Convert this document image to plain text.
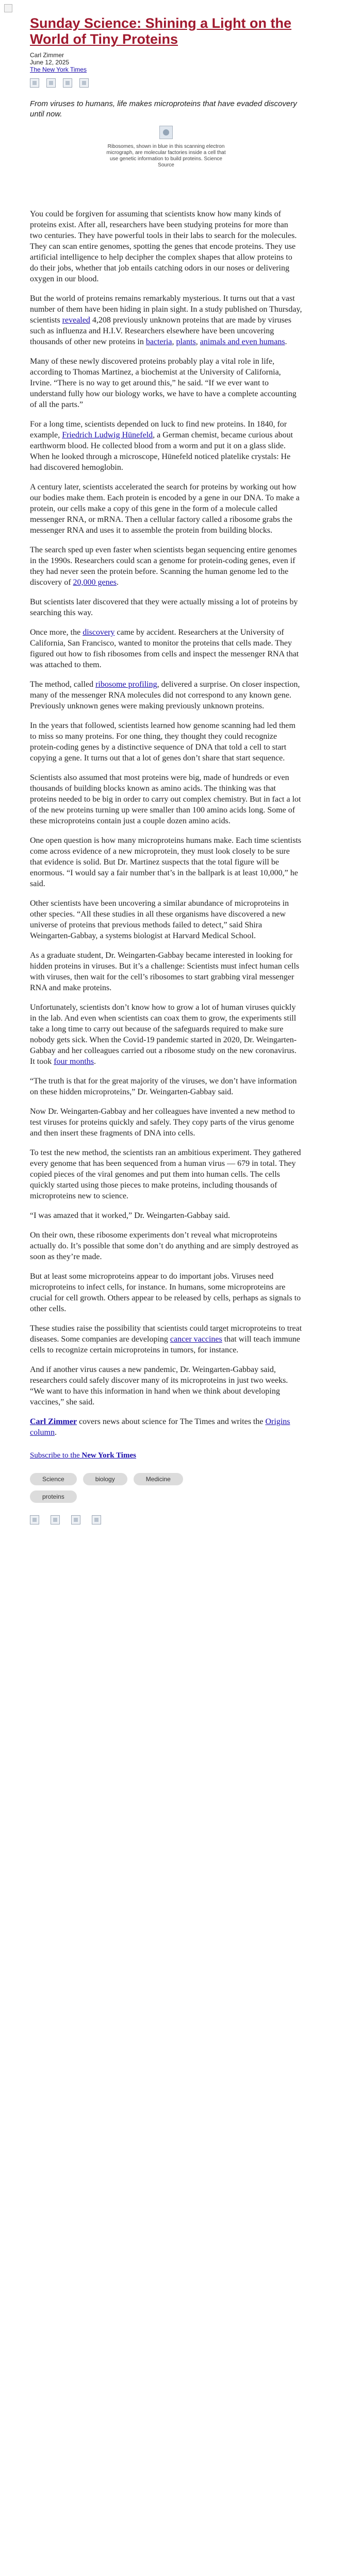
Sunday Science: Shining a Light on the World of Tiny Proteins
Carl Zimmer
June 12, 2025
The New York Times
From viruses to humans, life makes microproteins that have evaded discovery until now.
Ribosomes, shown in blue in this scanning electron micrograph, are molecular factories inside a cell that use genetic information to build proteins. Science Source

You could be forgiven for assuming that scientists know how many kinds of proteins exist. After all, researchers have been studying proteins for more than two centuries. They have powerful tools in their labs to search for the molecules. They can scan entire genomes, spotting the genes that encode proteins. They use artificial intelligence to help decipher the complex shapes that allow proteins to do their jobs, whether that job entails catching odors in our noses or delivering oxygen in our blood.

But the world of proteins remains remarkably mysterious. It turns out that a vast number of them have been hiding in plain sight. In a study published on Thursday, scientists revealed 4,208 previously unknown proteins that are made by viruses such as influenza and H.I.V. Researchers elsewhere have been uncovering thousands of other new proteins in bacteria, plants, animals and even humans.

Many of these newly discovered proteins probably play a vital role in life, according to Thomas Martinez, a biochemist at the University of California, Irvine. “There is no way to get around this,” he said. “If we ever want to understand fully how our biology works, we have to have a complete accounting of all the parts.”

For a long time, scientists depended on luck to find new proteins. In 1840, for example, Friedrich Ludwig Hünefeld, a German chemist, became curious about earthworm blood. He collected blood from a worm and put it on a glass slide. When he looked through a microscope, Hünefeld noticed platelike crystals: He had discovered hemoglobin.

A century later, scientists accelerated the search for proteins by working out how our bodies make them. Each protein is encoded by a gene in our DNA. To make a protein, our cells make a copy of this gene in the form of a molecule called messenger RNA, or mRNA. Then a cellular factory called a ribosome grabs the messenger RNA and uses it to assemble the protein from building blocks.

The search sped up even faster when scientists began sequencing entire genomes in the 1990s. Researchers could scan a genome for protein-coding genes, even if they had never seen the protein before. Scanning the human genome led to the discovery of 20,000 genes.

But scientists later discovered that they were actually missing a lot of proteins by searching this way.

Once more, the discovery came by accident. Researchers at the University of California, San Francisco, wanted to monitor the proteins that cells made. They figured out how to fish ribosomes from cells and inspect the messenger RNA that was attached to them.

The method, called ribosome profiling, delivered a surprise. On closer inspection, many of the messenger RNA molecules did not correspond to any known gene. Previously unknown genes were making previously unknown proteins.

In the years that followed, scientists learned how genome scanning had led them to miss so many proteins. For one thing, they thought they could recognize protein-coding genes by a distinctive sequence of DNA that told a cell to start copying a gene. It turns out that a lot of genes don’t share that start sequence.

Scientists also assumed that most proteins were big, made of hundreds or even thousands of building blocks known as amino acids. The thinking was that proteins needed to be big in order to carry out complex chemistry. But in fact a lot of the new proteins turning up were smaller than 100 amino acids long. Some of these microproteins contain just a couple dozen amino acids.

One open question is how many microproteins humans make. Each time scientists come across evidence of a new microprotein, they must look closely to be sure that evidence is solid. But Dr. Martinez suspects that the total figure will be enormous. “I would say a fair number that’s in the ballpark is at least 10,000,” he said.

Other scientists have been uncovering a similar abundance of microproteins in other species. “All these studies in all these organisms have discovered a new universe of proteins that previous methods failed to detect,” said Shira Weingarten-Gabbay, a systems biologist at Harvard Medical School.

As a graduate student, Dr. Weingarten-Gabbay became interested in looking for hidden proteins in viruses. But it’s a challenge: Scientists must infect human cells with viruses, then wait for the cell’s ribosomes to start grabbing viral messenger RNA and make proteins.

Unfortunately, scientists don’t know how to grow a lot of human viruses quickly in the lab. And even when scientists can coax them to grow, the experiments still take a long time to carry out because of the safeguards required to make sure nobody gets sick. When the Covid-19 pandemic started in 2020, Dr. Weingarten-Gabbay and her colleagues carried out a ribosome study on the new coronavirus. It took four months.

“The truth is that for the great majority of the viruses, we don’t have information on these hidden microproteins,” Dr. Weingarten-Gabbay said.

Now Dr. Weingarten-Gabbay and her colleagues have invented a new method to test viruses for proteins quickly and safely. They copy parts of the virus genome and then insert these fragments of DNA into cells.

To test the new method, the scientists ran an ambitious experiment. They gathered every genome that has been sequenced from a human virus — 679 in total. They copied pieces of the viral genomes and put them into human cells. The cells quickly started using those pieces to make proteins, including thousands of microproteins new to science.

“I was amazed that it worked,” Dr. Weingarten-Gabbay said.

On their own, these ribosome experiments don’t reveal what microproteins actually do. It’s possible that some don’t do anything and are simply destroyed as soon as they’re made.

But at least some microproteins appear to do important jobs. Viruses need microproteins to infect cells, for instance. In humans, some microproteins are crucial for cell growth. Others appear to be released by cells, perhaps as signals to other cells.

These studies raise the possibility that scientists could target microproteins to treat diseases. Some companies are developing cancer vaccines that will teach immune cells to recognize certain microproteins in tumors, for instance.

And if another virus causes a new pandemic, Dr. Weingarten-Gabbay said, researchers could safely discover many of its microproteins in just two weeks. “We want to have this information in hand when we think about developing vaccines,” she said.

Carl Zimmer covers news about science for The Times and writes the Origins column.
Subscribe to the New York Times
Science	biology	Medicine
proteins
